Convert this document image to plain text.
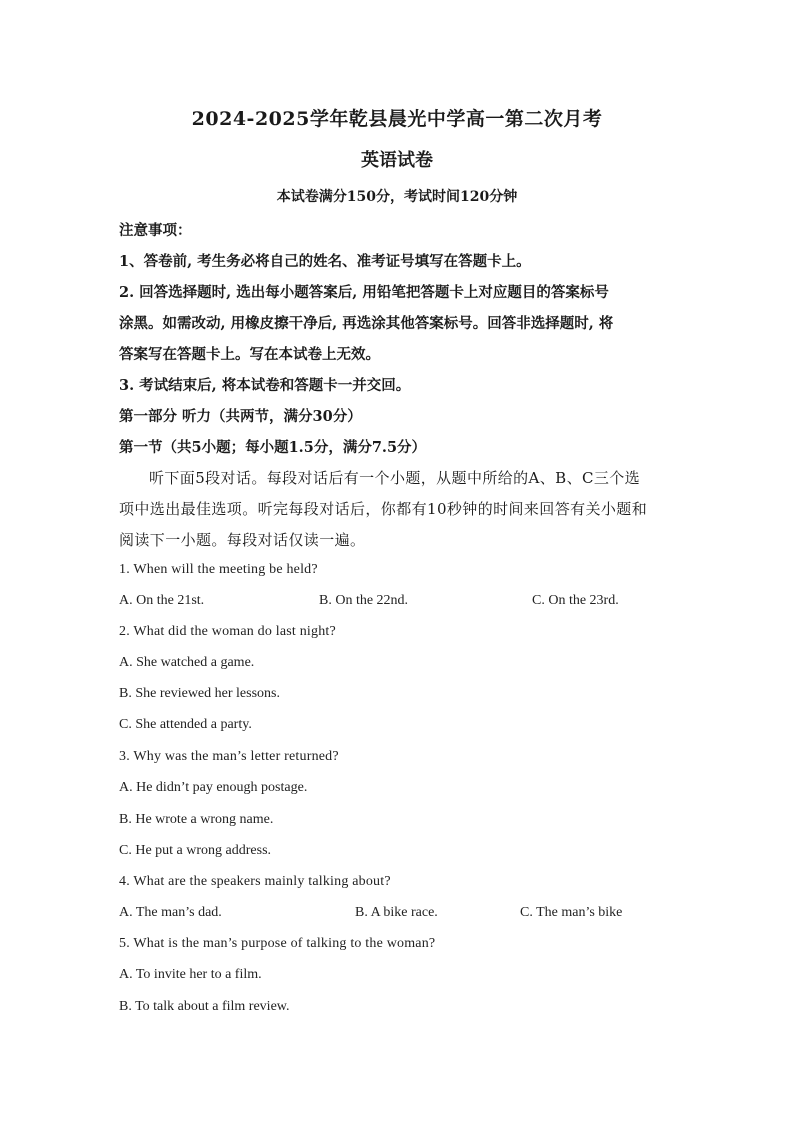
2024-2025学年乾县晨光中学高一第二次月考
英语试卷
本试卷满分150分，考试时间120分钟
注意事项：
1、答卷前, 考生务必将自己的姓名、准考证号填写在答题卡上。
2. 回答选择题时, 选出每小题答案后, 用铅笔把答题卡上对应题目的答案标号
涂黑。如需改动, 用橡皮擦干净后, 再选涂其他答案标号。回答非选择题时, 将
答案写在答题卡上。写在本试卷上无效。
3. 考试结束后, 将本试卷和答题卡一并交回。
第一部分 听力（共两节，满分30分）
第一节（共5小题；每小题1.5分，满分7.5分）
听下面5段对话。每段对话后有一个小题，从题中所给的A、B、C三个选
项中选出最佳选项。听完每段对话后，你都有10秒钟的时间来回答有关小题和
阅读下一小题。每段对话仅读一遍。
1. When will the meeting be held?
A. On the 21st.	B. On the 22nd.	C. On the 23rd.
2. What did the woman do last night?
A. She watched a game.
B. She reviewed her lessons.
C. She attended a party.
3. Why was the man’s letter returned?
A. He didn’t pay enough postage.
B. He wrote a wrong name.
C. He put a wrong address.
4. What are the speakers mainly talking about?
A. The man’s dad.	B. A bike race.	C. The man’s bike
5. What is the man’s purpose of talking to the woman?
A. To invite her to a film.
B. To talk about a film review.
